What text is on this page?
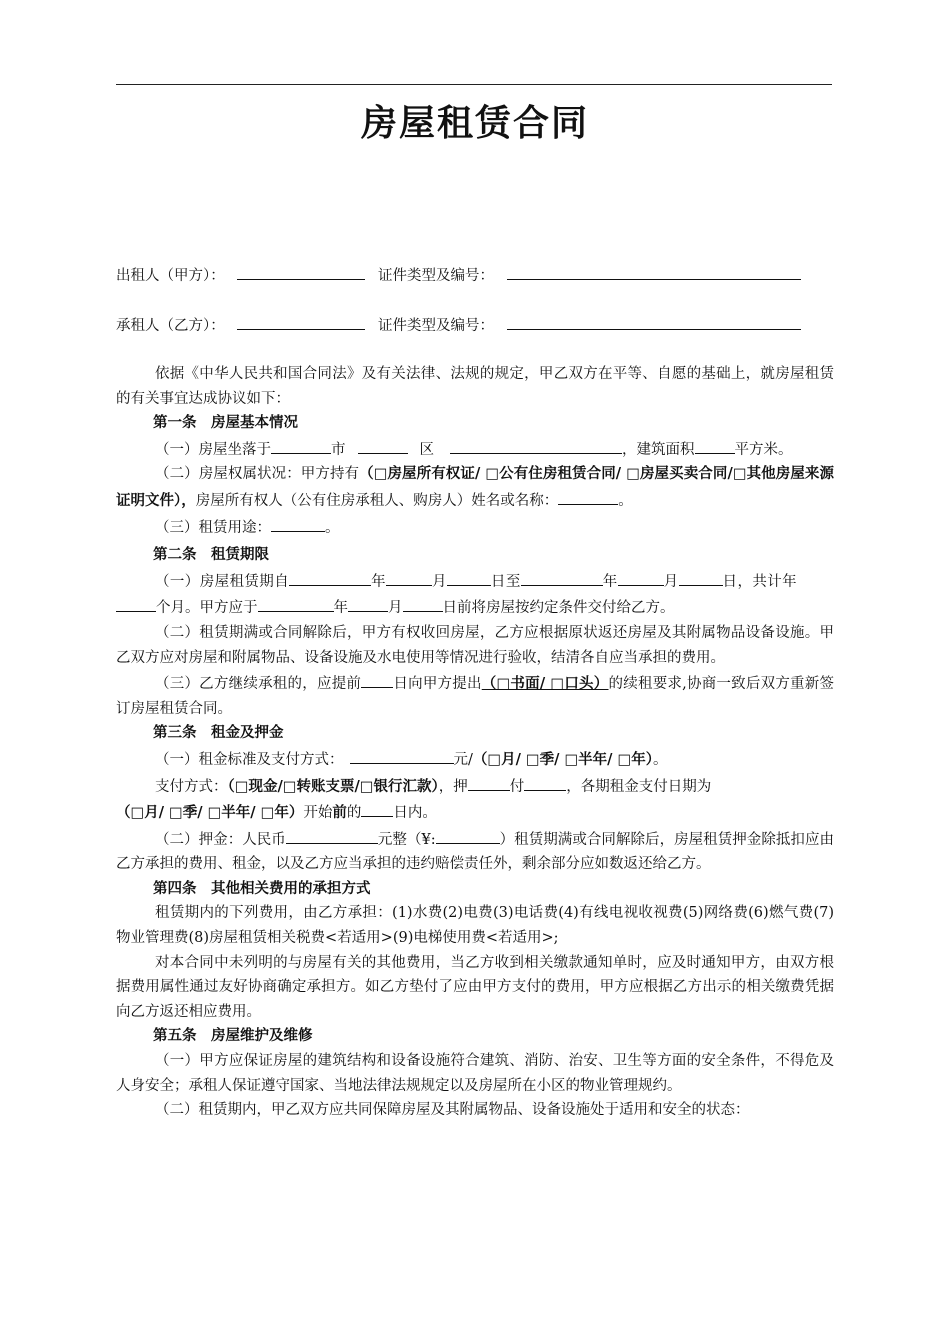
房屋租赁合同
出租人（甲方）：	证件类型及编号：
承租人（乙方）：	证件类型及编号：

依据《中华人民共和国合同法》及有关法律、法规的规定，甲乙双方在平等、自愿的基础上，就房屋租赁的有关事宜达成协议如下：

第一条　房屋基本情况

（一）房屋坐落于	市	区	，建筑面积	平方米。

（二）房屋权属状况：甲方持有（□房屋所有权证/ □公有住房租赁合同/ □房屋买卖合同/□其他房屋来源证明文件），房屋所有权人（公有住房承租人、购房人）姓名或名称：	。

（三）租赁用途：	。

第二条　租赁期限

（一）房屋租赁期自	年	月	日至	年	月	日，共计年

个月。甲方应于	年	月	日前将房屋按约定条件交付给乙方。

（二）租赁期满或合同解除后，甲方有权收回房屋，乙方应根据原状返还房屋及其附属物品设备设施。甲乙双方应对房屋和附属物品、设备设施及水电使用等情况进行验收，结清各自应当承担的费用。

（三）乙方继续承租的，应提前 日向甲方提出（□书面/ □口头）的续租要求,协商一致后双方重新签订房屋租赁合同。

第三条　租金及押金

（一）租金标准及支付方式：	元/（□月/ □季/ □半年/ □年）。

支付方式：（□现金/□转账支票/□银行汇款），押	付	，各期租金支付日期为

（□月/ □季/ □半年/ □年）开始前的 日内。

（二）押金：人民币	元整（¥:	）租赁期满或合同解除后，房屋租赁押金除抵扣应由乙方承担的费用、租金，以及乙方应当承担的违约赔偿责任外，剩余部分应如数返还给乙方。

第四条　其他相关费用的承担方式

租赁期内的下列费用，由乙方承担：(1)水费(2)电费(3)电话费(4)有线电视收视费(5)网络费(6)燃气费(7)物业管理费(8)房屋租赁相关税费<若适用>(9)电梯使用费<若适用>;

对本合同中未列明的与房屋有关的其他费用，当乙方收到相关缴款通知单时，应及时通知甲方，由双方根据费用属性通过友好协商确定承担方。如乙方垫付了应由甲方支付的费用，甲方应根据乙方出示的相关缴费凭据向乙方返还相应费用。

第五条　房屋维护及维修

（一）甲方应保证房屋的建筑结构和设备设施符合建筑、消防、治安、卫生等方面的安全条件，不得危及人身安全；承租人保证遵守国家、当地法律法规规定以及房屋所在小区的物业管理规约。

（二）租赁期内，甲乙双方应共同保障房屋及其附属物品、设备设施处于适用和安全的状态：
